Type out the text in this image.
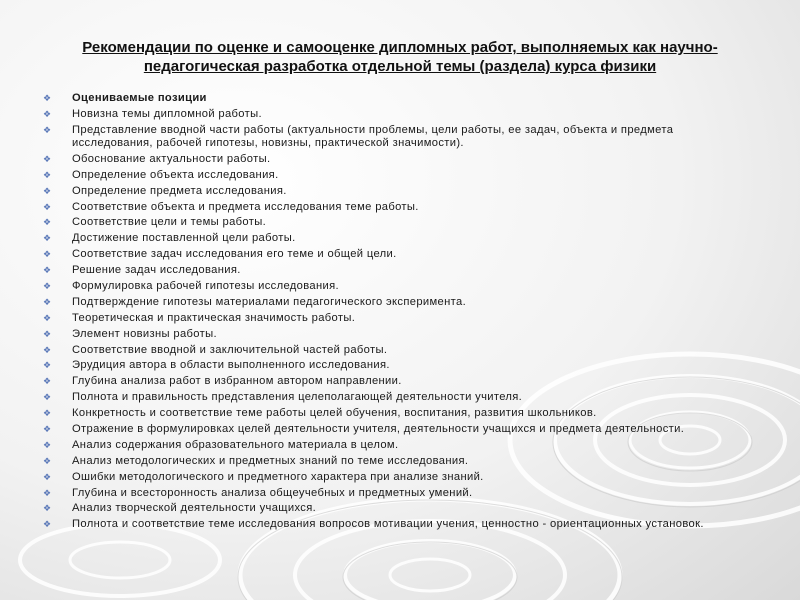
Рекомендации по оценке и самооценке дипломных работ, выполняемых как научно-
педагогическая разработка отдельной темы (раздела) курса физики
❖ Оцениваемые позиции
❖ Новизна темы дипломной работы.
❖ Представление вводной части работы (актуальности проблемы, цели работы, ее задач, объекта и предмета исследования, рабочей гипотезы, новизны, практической значимости).
❖ Обоснование актуальности работы.
❖ Определение объекта исследования.
❖ Определение предмета исследования.
❖ Соответствие объекта и предмета исследования теме работы.
❖ Соответствие цели и темы работы.
❖ Достижение поставленной цели работы.
❖ Соответствие задач исследования его теме и общей цели.
❖ Решение задач исследования.
❖ Формулировка рабочей гипотезы исследования.
❖ Подтверждение гипотезы материалами педагогического эксперимента.
❖ Теоретическая и практическая значимость работы.
❖ Элемент новизны работы.
❖ Соответствие вводной и заключительной частей работы.
❖ Эрудиция автора в области выполненного исследования.
❖ Глубина анализа работ в избранном автором направлении.
❖ Полнота и правильность представления целеполагающей деятельности учителя.
❖ Конкретность и соответствие теме работы целей обучения, воспитания, развития школьников.
❖ Отражение в формулировках целей деятельности учителя, деятельности учащихся и предмета деятельности.
❖ Анализ содержания образовательного материала в целом.
❖ Анализ методологических и предметных знаний по теме исследования.
❖ Ошибки методологического и предметного характера при анализе знаний.
❖ Глубина и всесторонность анализа общеучебных и предметных умений.
❖ Анализ творческой деятельности учащихся.
❖ Полнота и соответствие теме исследования вопросов мотивации учения, ценностно - ориентационных установок.
